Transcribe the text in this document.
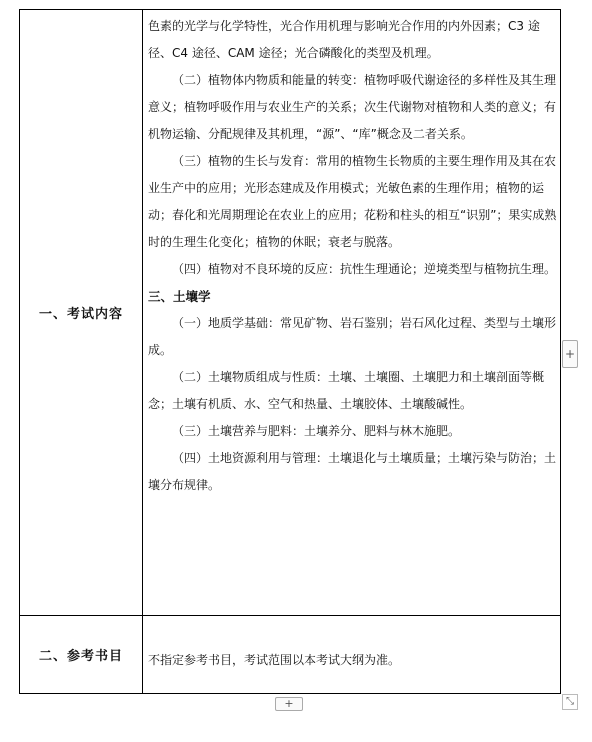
一、考试内容

色素的光学与化学特性，光合作用机理与影响光合作用的内外因素；C3 途径、C4 途径、CAM 途径；光合磷酸化的类型及机理。

（二）植物体内物质和能量的转变：植物呼吸代谢途径的多样性及其生理意义；植物呼吸作用与农业生产的关系；次生代谢物对植物和人类的意义；有机物运输、分配规律及其机理，“源”、“库”概念及二者关系。

（三）植物的生长与发育：常用的植物生长物质的主要生理作用及其在农业生产中的应用；光形态建成及作用模式；光敏色素的生理作用；植物的运动；春化和光周期理论在农业上的应用；花粉和柱头的相互“识别”；果实成熟时的生理生化变化；植物的休眠；衰老与脱落。

（四）植物对不良环境的反应：抗性生理通论；逆境类型与植物抗生理。

三、土壤学

（一）地质学基础：常见矿物、岩石鉴别；岩石风化过程、类型与土壤形成。

（二）土壤物质组成与性质：土壤、土壤圈、土壤肥力和土壤剖面等概念；土壤有机质、水、空气和热量、土壤胶体、土壤酸碱性。

（三）土壤营养与肥料：土壤养分、肥料与林木施肥。

（四）土地资源利用与管理：土壤退化与土壤质量；土壤污染与防治；土壤分布规律。

二、参考书目 不指定参考书目，考试范围以本考试大纲为准。

+
+	⤡
